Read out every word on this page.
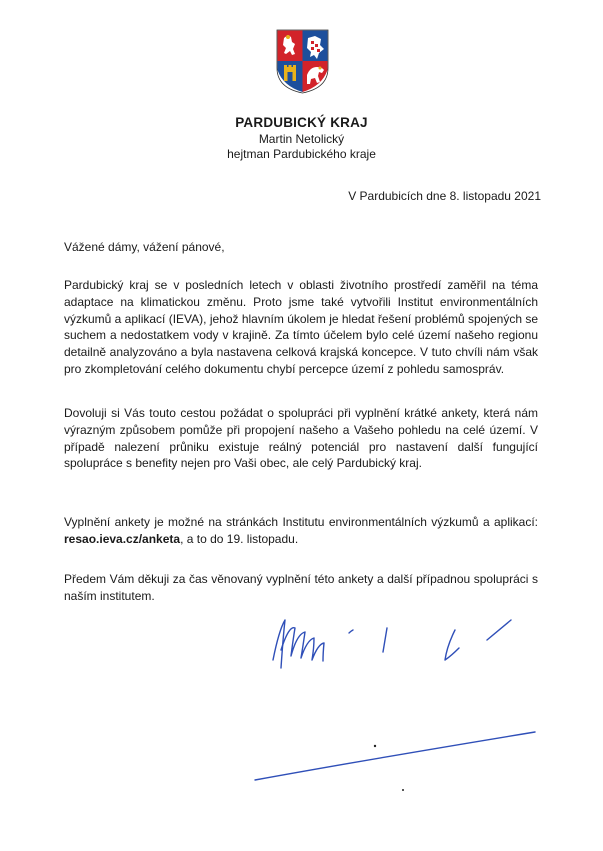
PARDUBICKÝ KRAJ
Martin Netolický
hejtman Pardubického kraje
V Pardubicích dne 8. listopadu 2021
Vážené dámy, vážení pánové,

Pardubický kraj se v posledních letech v oblasti životního prostředí zaměřil na téma adaptace na klimatickou změnu. Proto jsme také vytvořili Institut environmentálních výzkumů a aplikací (IEVA), jehož hlavním úkolem je hledat řešení problémů spojených se suchem a nedostatkem vody v krajině. Za tímto účelem bylo celé území našeho regionu detailně analyzováno a byla nastavena celková krajská koncepce. V tuto chvíli nám však pro zkompletování celého dokumentu chybí percepce území z pohledu samospráv.

Dovoluji si Vás touto cestou požádat o spolupráci při vyplnění krátké ankety, která nám výrazným způsobem pomůže při propojení našeho a Vašeho pohledu na celé území. V případě nalezení průniku existuje reálný potenciál pro nastavení další fungující spolupráce s benefity nejen pro Vaši obec, ale celý Pardubický kraj.

Vyplnění ankety je možné na stránkách Institutu environmentálních výzkumů a aplikací: resao.ieva.cz/anketa, a to do 19. listopadu.

Předem Vám děkuji za čas věnovaný vyplnění této ankety a další případnou spolupráci s naším institutem.
